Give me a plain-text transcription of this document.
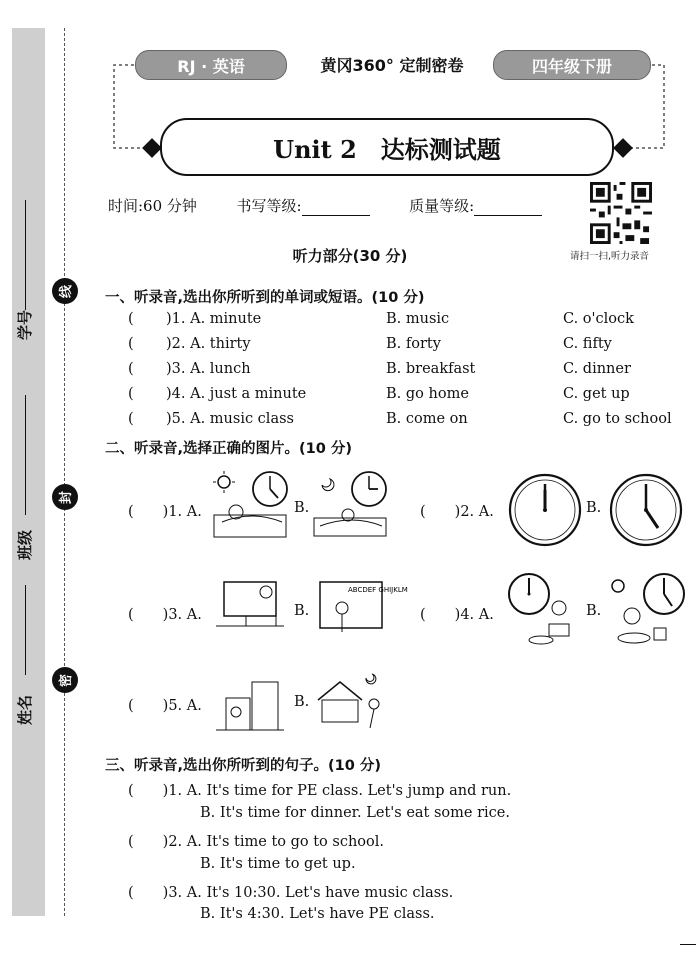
学号
班级
姓名
线
封
密
RJ · 英语	黄冈360° 定制密卷	四年级下册
Unit 2　达标测试题
时间:60 分钟	书写等级:	质量等级:
请扫一扫,听力录音
听力部分(30 分)
一、听录音,选出你所听到的单词或短语。(10 分)
( )1. A. minute	B. music	C. o'clock
( )2. A. thirty	B. forty	C. fifty
( )3. A. lunch	B. breakfast	C. dinner
( )4. A. just a minute	B. go home	C. get up
( )5. A. music class	B. come on	C. go to school
二、听录音,选择正确的图片。(10 分)
(　　)1. A.	B.	(　　)2. A.	B.
(　　)3. A.	B.
ABCDEF GHIJKLM
(　　)4. A.	B.
(　　)5. A.	B.
三、听录音,选出你所听到的句子。(10 分)
(　　)1. A. It's time for PE class. Let's jump and run.
B. It's time for dinner. Let's eat some rice.
(　　)2. A. It's time to go to school.
B. It's time to get up.
(　　)3. A. It's 10:30. Let's have music class.
B. It's 4:30. Let's have PE class.
